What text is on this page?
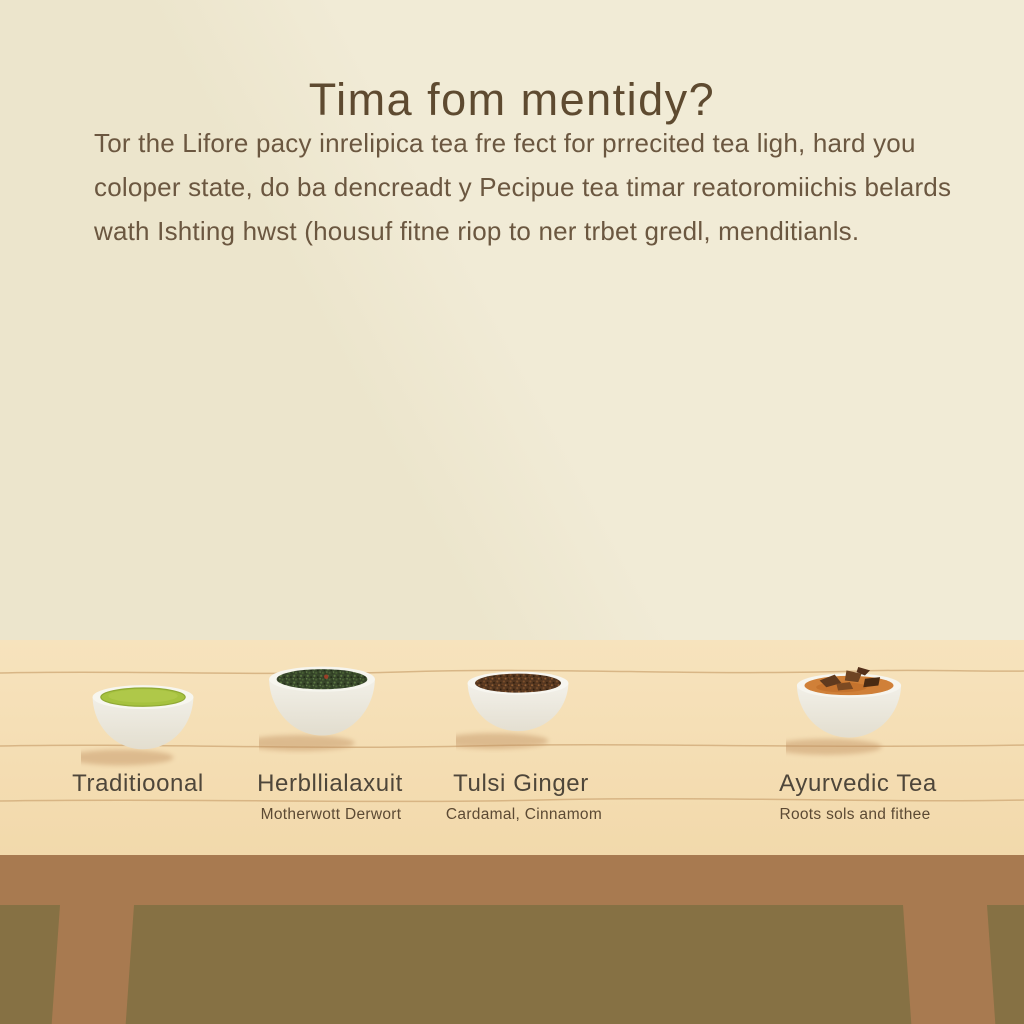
Tima fom mentidy?
Tor the Lifore pacy inrelipica tea fre fect for prrecited tea ligh, hard you
coloper state, do ba dencreadt y Pecipue tea timar reatoromiichis belards
wath Ishting hwst (housuf fitne riop to ner trbet gredl, menditianls.
Traditioonal Herbllialaxuit Tulsi Ginger	Ayurvedic Tea
Motherwott Derwort	Cardamal, Cinnamom	Roots sols and fithee
